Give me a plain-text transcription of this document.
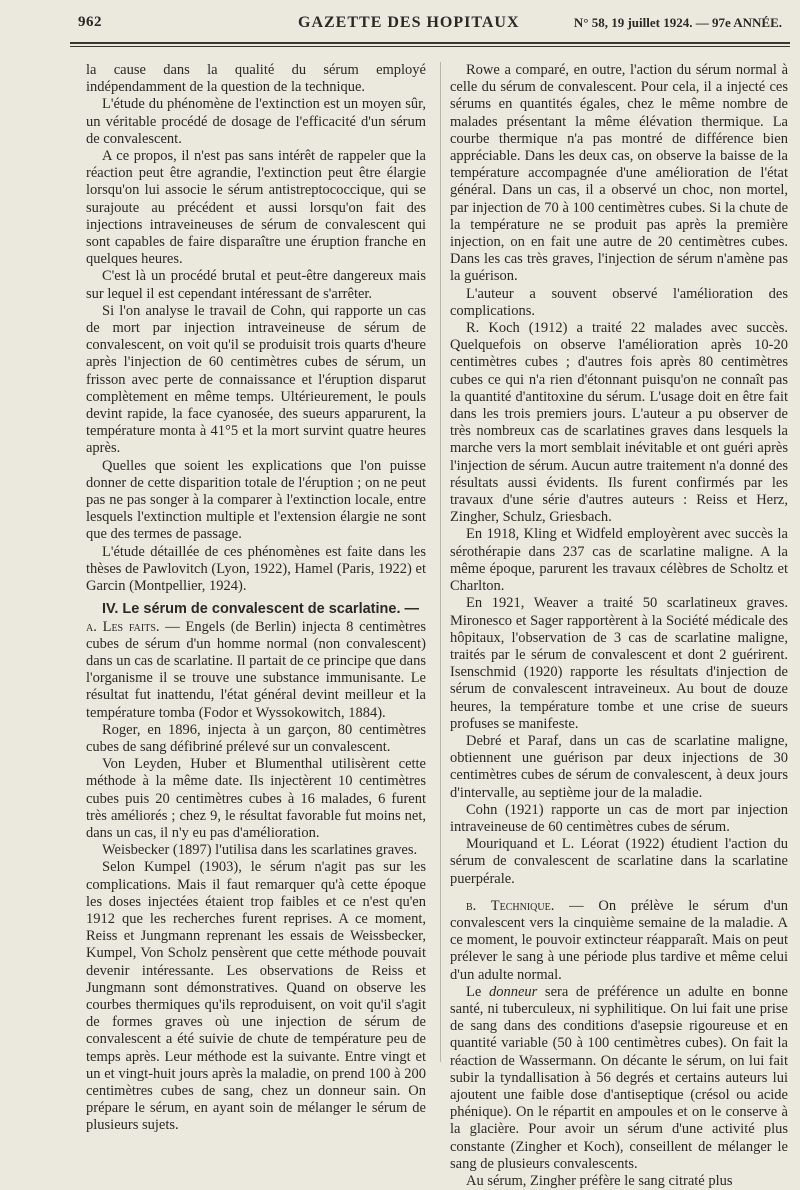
962	GAZETTE DES HOPITAUX	N° 58, 19 juillet 1924. — 97e ANNÉE.

la cause dans la qualité du sérum employé indépendamment de la question de la technique.

L'étude du phénomène de l'extinction est un moyen sûr, un véritable procédé de dosage de l'efficacité d'un sérum de convalescent.

A ce propos, il n'est pas sans intérêt de rappeler que la réaction peut être agrandie, l'extinction peut être élargie lorsqu'on lui associe le sérum antistreptococcique, qui se surajoute au précédent et aussi lorsqu'on fait des injections intraveineuses de sérum de convalescent qui sont capables de faire disparaître une éruption franche en quelques heures.

C'est là un procédé brutal et peut-être dangereux mais sur lequel il est cependant intéressant de s'arrêter.

Si l'on analyse le travail de Cohn, qui rapporte un cas de mort par injection intraveineuse de sérum de convalescent, on voit qu'il se produisit trois quarts d'heure après l'injection de 60 centimètres cubes de sérum, un frisson avec perte de connaissance et l'éruption disparut complètement en même temps. Ultérieurement, le pouls devint rapide, la face cyanosée, des sueurs apparurent, la température monta à 41°5 et la mort survint quatre heures après.

Quelles que soient les explications que l'on puisse donner de cette disparition totale de l'éruption ; on ne peut pas ne pas songer à la comparer à l'extinction locale, entre lesquels l'extinction multiple et l'extension élargie ne sont que des termes de passage.

L'étude détaillée de ces phénomènes est faite dans les thèses de Pawlovitch (Lyon, 1922), Hamel (Paris, 1922) et Garcin (Montpellier, 1924).

IV. Le sérum de convalescent de scarlatine. —

a. Les faits. — Engels (de Berlin) injecta 8 centimètres cubes de sérum d'un homme normal (non convalescent) dans un cas de scarlatine. Il partait de ce principe que dans l'organisme il se trouve une substance immunisante. Le résultat fut inattendu, l'état général devint meilleur et la température tomba (Fodor et Wyssokowitch, 1884).

Roger, en 1896, injecta à un garçon, 80 centimètres cubes de sang défibriné prélevé sur un convalescent.

Von Leyden, Huber et Blumenthal utilisèrent cette méthode à la même date. Ils injectèrent 10 centimètres cubes puis 20 centimètres cubes à 16 malades, 6 furent très améliorés ; chez 9, le résultat favorable fut moins net, dans un cas, il n'y eu pas d'amélioration.

Weisbecker (1897) l'utilisa dans les scarlatines graves.

Selon Kumpel (1903), le sérum n'agit pas sur les complications. Mais il faut remarquer qu'à cette époque les doses injectées étaient trop faibles et ce n'est qu'en 1912 que les recherches furent reprises. A ce moment, Reiss et Jungmann reprenant les essais de Weissbecker, Kumpel, Von Scholz pensèrent que cette méthode pouvait devenir intéressante. Les observations de Reiss et Jungmann sont démonstratives. Quand on observe les courbes thermiques qu'ils reproduisent, on voit qu'il s'agit de formes graves où une injection de sérum de convalescent a été suivie de chute de température peu de temps après. Leur méthode est la suivante. Entre vingt et un et vingt-huit jours après la maladie, on prend 100 à 200 centimètres cubes de sang, chez un donneur sain. On prépare le sérum, en ayant soin de mélanger le sérum de plusieurs sujets.

Rowe a comparé, en outre, l'action du sérum normal à celle du sérum de convalescent. Pour cela, il a injecté ces sérums en quantités égales, chez le même nombre de malades présentant la même élévation thermique. La courbe thermique n'a pas montré de différence bien appréciable. Dans les deux cas, on observe la baisse de la température accompagnée d'une amélioration de l'état général. Dans un cas, il a observé un choc, non mortel, par injection de 70 à 100 centimètres cubes. Si la chute de la température ne se produit pas après la première injection, on en fait une autre de 20 centimètres cubes. Dans les cas très graves, l'injection de sérum n'amène pas la guérison.

L'auteur a souvent observé l'amélioration des complications.

R. Koch (1912) a traité 22 malades avec succès. Quelquefois on observe l'amélioration après 10-20 centimètres cubes ; d'autres fois après 80 centimètres cubes ce qui n'a rien d'étonnant puisqu'on ne connaît pas la quantité d'antitoxine du sérum. L'usage doit en être fait dans les trois premiers jours. L'auteur a pu observer de très nombreux cas de scarlatines graves dans lesquels la marche vers la mort semblait inévitable et ont guéri après l'injection de sérum. Aucun autre traitement n'a donné des résultats aussi évidents. Ils furent confirmés par les travaux d'une série d'autres auteurs : Reiss et Herz, Zingher, Schulz, Griesbach.

En 1918, Kling et Widfeld employèrent avec succès la sérothérapie dans 237 cas de scarlatine maligne. A la même époque, parurent les travaux célèbres de Scholtz et Charlton.

En 1921, Weaver a traité 50 scarlatineux graves. Mironesco et Sager rapportèrent à la Société médicale des hôpitaux, l'observation de 3 cas de scarlatine maligne, traités par le sérum de convalescent et dont 2 guérirent. Isenschmid (1920) rapporte les résultats d'injection de sérum de convalescent intraveineux. Au bout de douze heures, la température tombe et une crise de sueurs profuses se manifeste.

Debré et Paraf, dans un cas de scarlatine maligne, obtiennent une guérison par deux injections de 30 centimètres cubes de sérum de convalescent, à deux jours d'intervalle, au septième jour de la maladie.

Cohn (1921) rapporte un cas de mort par injection intraveineuse de 60 centimètres cubes de sérum.

Mouriquand et L. Léorat (1922) étudient l'action du sérum de convalescent de scarlatine dans la scarlatine puerpérale.

b. Technique. — On prélève le sérum d'un convalescent vers la cinquième semaine de la maladie. A ce moment, le pouvoir extincteur réapparaît. Mais on peut prélever le sang à une période plus tardive et même celui d'un adulte normal.

Le donneur sera de préférence un adulte en bonne santé, ni tuberculeux, ni syphilitique. On lui fait une prise de sang dans des conditions d'asepsie rigoureuse et en quantité variable (50 à 100 centimètres cubes). On fait la réaction de Wassermann. On décante le sérum, on lui fait subir la tyndallisation à 56 degrés et certains auteurs lui ajoutent une faible dose d'antiseptique (crésol ou acide phénique). On le répartit en ampoules et on le conserve à la glacière. Pour avoir un sérum d'une activité plus constante (Zingher et Koch), conseillent de mélanger le sang de plusieurs convalescents.

Au sérum, Zingher préfère le sang citraté plus
